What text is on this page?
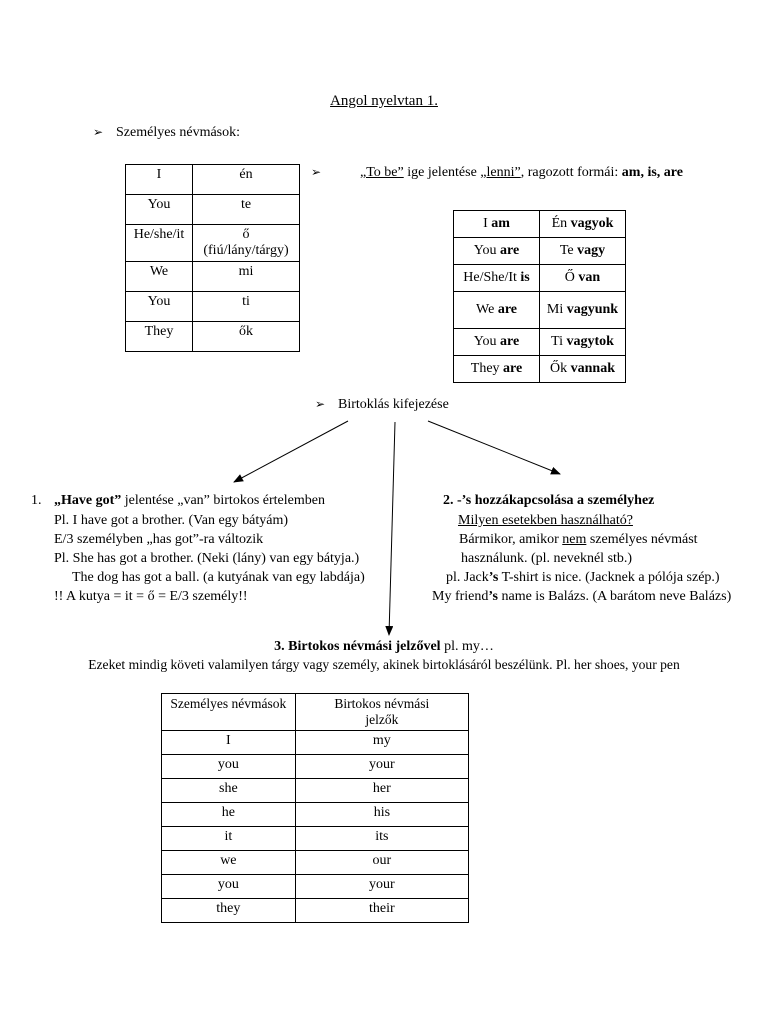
Angol nyelvtan 1.
➢ Személyes névmások:
I	én
You	te
He/she/it	ő
(fiú/lány/tárgy)
We	mi
You	ti
They	ők
➢	„To be” ige jelentése „lenni”, ragozott formái: am, is, are
I am	Én vagyok
You are	Te vagy
He/She/It is	Ő van
We are	Mi vagyunk
You are	Ti vagytok
They are	Ők vannak
➢ Birtoklás kifejezése
1. „Have got” jelentése „van” birtokos értelemben
Pl. I have got a brother. (Van egy bátyám)
E/3 személyben „has got”-ra változik
Pl. She has got a brother. (Neki (lány) van egy bátyja.)
The dog has got a ball. (a kutyának van egy labdája)
!! A kutya = it = ő = E/3 személy!!
2. -’s hozzákapcsolása a személyhez
Milyen esetekben használható?
Bármikor, amikor nem személyes névmást
használunk. (pl. neveknél stb.)
pl. Jack’s T-shirt is nice. (Jacknek a pólója szép.)
My friend’s name is Balázs. (A barátom neve Balázs)
3. Birtokos névmási jelzővel pl. my…
Ezeket mindig követi valamilyen tárgy vagy személy, akinek birtoklásáról beszélünk. Pl. her shoes, your pen
Személyes névmások	Birtokos névmási jelzők
I	my
you	your
she	her
he	his
it	its
we	our
you	your
they	their
